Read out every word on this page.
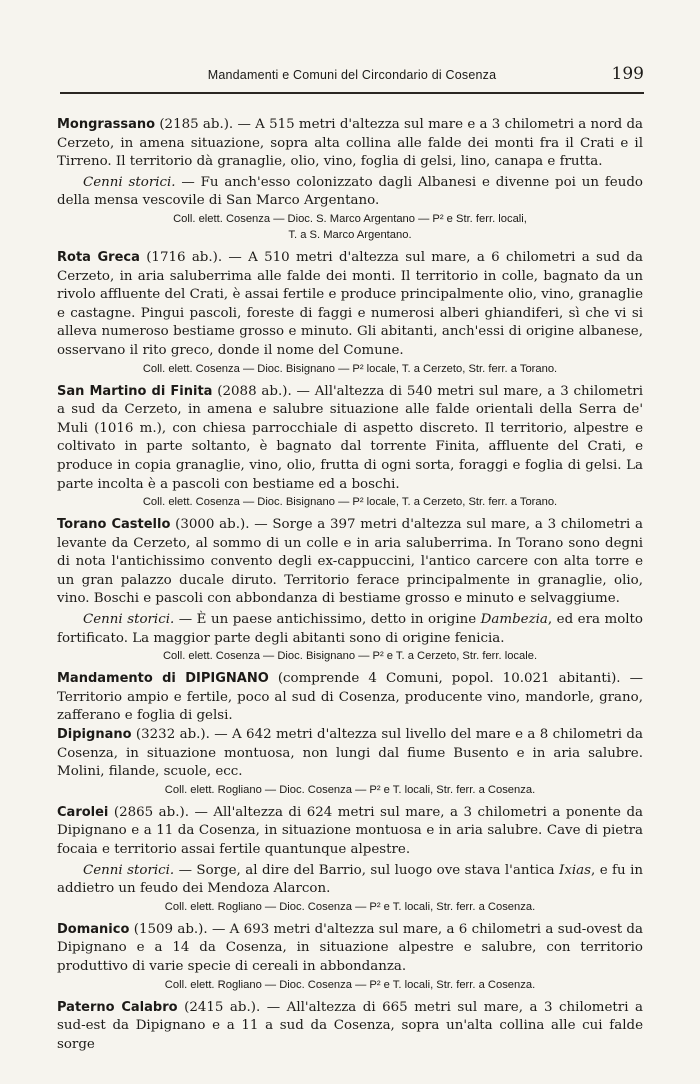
Mandamenti e Comuni del Circondario di Cosenza	199

Mongrassano (2185 ab.). — A 515 metri d'altezza sul mare e a 3 chilometri a nord da Cerzeto, in amena situazione, sopra alta collina alle falde dei monti fra il Crati e il Tirreno. Il territorio dà granaglie, olio, vino, foglia di gelsi, lino, canapa e frutta.

Cenni storici. — Fu anch'esso colonizzato dagli Albanesi e divenne poi un feudo della mensa vescovile di San Marco Argentano.

Coll. elett. Cosenza — Dioc. S. Marco Argentano — P² e Str. ferr. locali,
T. a S. Marco Argentano.

Rota Greca (1716 ab.). — A 510 metri d'altezza sul mare, a 6 chilometri a sud da Cerzeto, in aria saluberrima alle falde dei monti. Il territorio in colle, bagnato da un rivolo affluente del Crati, è assai fertile e produce principalmente olio, vino, granaglie e castagne. Pingui pascoli, foreste di faggi e numerosi alberi ghiandiferi, sì che vi si alleva numeroso bestiame grosso e minuto. Gli abitanti, anch'essi di origine albanese, osservano il rito greco, donde il nome del Comune.

Coll. elett. Cosenza — Dioc. Bisignano — P² locale, T. a Cerzeto, Str. ferr. a Torano.

San Martino di Finita (2088 ab.). — All'altezza di 540 metri sul mare, a 3 chilometri a sud da Cerzeto, in amena e salubre situazione alle falde orientali della Serra de' Muli (1016 m.), con chiesa parrocchiale di aspetto discreto. Il territorio, alpestre e coltivato in parte soltanto, è bagnato dal torrente Finita, affluente del Crati, e produce in copia granaglie, vino, olio, frutta di ogni sorta, foraggi e foglia di gelsi. La parte incolta è a pascoli con bestiame ed a boschi.

Coll. elett. Cosenza — Dioc. Bisignano — P² locale, T. a Cerzeto, Str. ferr. a Torano.

Torano Castello (3000 ab.). — Sorge a 397 metri d'altezza sul mare, a 3 chilometri a levante da Cerzeto, al sommo di un colle e in aria saluberrima. In Torano sono degni di nota l'antichissimo convento degli ex-cappuccini, l'antico carcere con alta torre e un gran palazzo ducale diruto. Territorio ferace principalmente in granaglie, olio, vino. Boschi e pascoli con abbondanza di bestiame grosso e minuto e selvaggiume.

Cenni storici. — È un paese antichissimo, detto in origine Dambezia, ed era molto fortificato. La maggior parte degli abitanti sono di origine fenicia.

Coll. elett. Cosenza — Dioc. Bisignano — P² e T. a Cerzeto, Str. ferr. locale.

Mandamento di DIPIGNANO (comprende 4 Comuni, popol. 10.021 abitanti). — Territorio ampio e fertile, poco al sud di Cosenza, producente vino, mandorle, grano, zafferano e foglia di gelsi.

Dipignano (3232 ab.). — A 642 metri d'altezza sul livello del mare e a 8 chilometri da Cosenza, in situazione montuosa, non lungi dal fiume Busento e in aria salubre. Molini, filande, scuole, ecc.

Coll. elett. Rogliano — Dioc. Cosenza — P² e T. locali, Str. ferr. a Cosenza.

Carolei (2865 ab.). — All'altezza di 624 metri sul mare, a 3 chilometri a ponente da Dipignano e a 11 da Cosenza, in situazione montuosa e in aria salubre. Cave di pietra focaia e territorio assai fertile quantunque alpestre.

Cenni storici. — Sorge, al dire del Barrio, sul luogo ove stava l'antica Ixias, e fu in addietro un feudo dei Mendoza Alarcon.

Coll. elett. Rogliano — Dioc. Cosenza — P² e T. locali, Str. ferr. a Cosenza.

Domanico (1509 ab.). — A 693 metri d'altezza sul mare, a 6 chilometri a sud-ovest da Dipignano e a 14 da Cosenza, in situazione alpestre e salubre, con territorio produttivo di varie specie di cereali in abbondanza.

Coll. elett. Rogliano — Dioc. Cosenza — P² e T. locali, Str. ferr. a Cosenza.

Paterno Calabro (2415 ab.). — All'altezza di 665 metri sul mare, a 3 chilometri a sud-est da Dipignano e a 11 a sud da Cosenza, sopra un'alta collina alle cui falde sorge
